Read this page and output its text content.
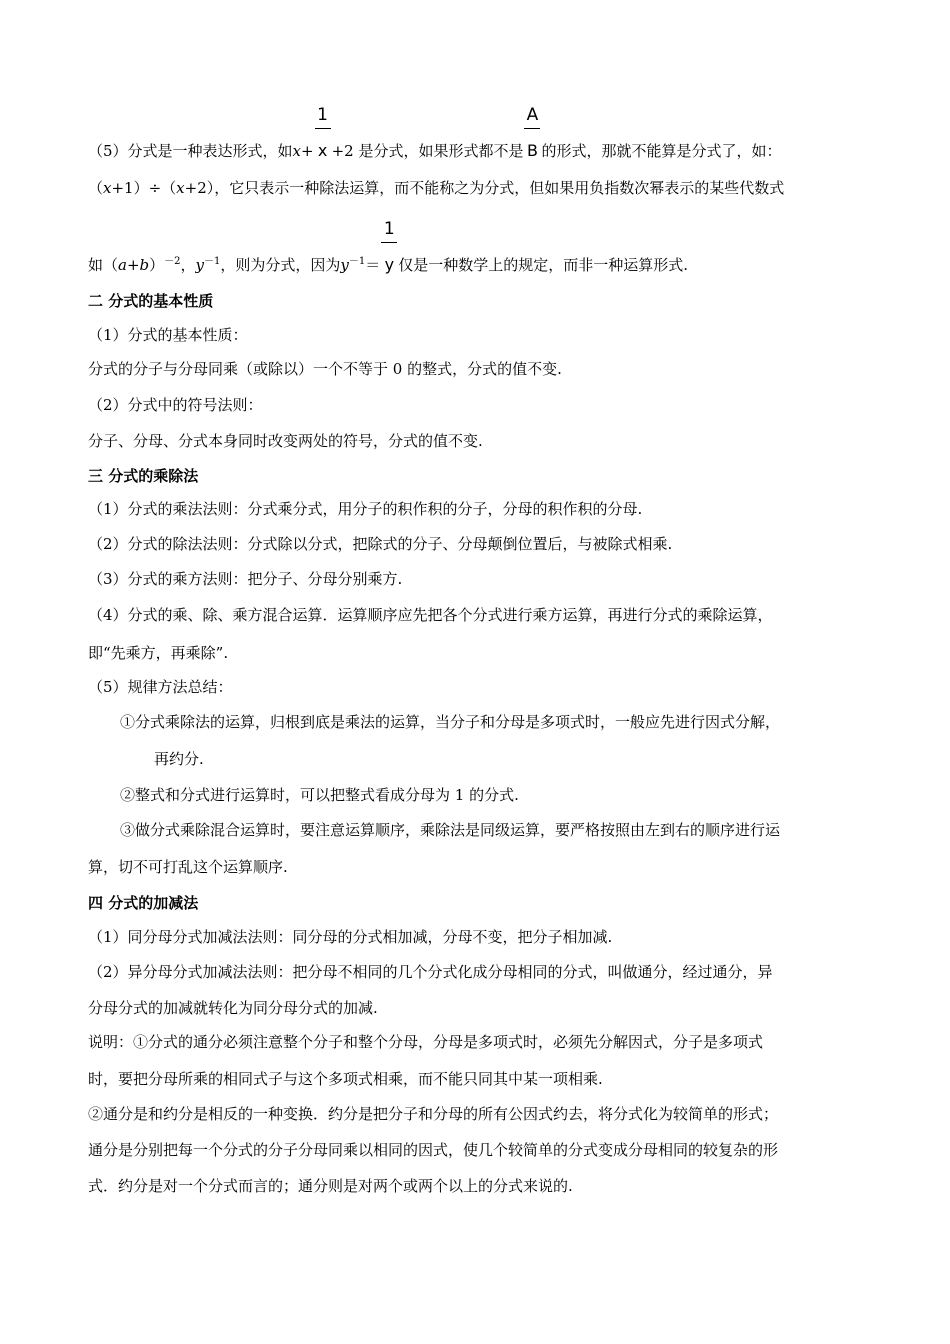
（5）分式是一种表达形式，如$x+ \frac{1}{x}+2$ 是分式，如果形式都不是 $\frac{A}{B}$的形式，那就不能算是分式了，如：
（x+1）÷（x+2），它只表示一种除法运算，而不能称之为分式，但如果用负指数次幂表示的某些代数式
如$(a+b)^{-2}$，$y^{-1}$，则为分式，因为$y^{-1}= \frac{1}{y}$仅是一种数学上的规定，而非一种运算形式.
二 分式的基本性质
（1）分式的基本性质：
分式的分子与分母同乘（或除以）一个不等于 0 的整式，分式的值不变.
（2）分式中的符号法则：
分子、分母、分式本身同时改变两处的符号，分式的值不变.
三 分式的乘除法
（1）分式的乘法法则：分式乘分式，用分子的积作积的分子，分母的积作积的分母.
（2）分式的除法法则：分式除以分式，把除式的分子、分母颠倒位置后，与被除式相乘.
（3）分式的乘方法则：把分子、分母分别乘方.
（4）分式的乘、除、乘方混合运算．运算顺序应先把各个分式进行乘方运算，再进行分式的乘除运算，
即“先乘方，再乘除”.
（5）规律方法总结：
①分式乘除法的运算，归根到底是乘法的运算，当分子和分母是多项式时，一般应先进行因式分解，
再约分.
②整式和分式进行运算时，可以把整式看成分母为 1 的分式.
③做分式乘除混合运算时，要注意运算顺序，乘除法是同级运算，要严格按照由左到右的顺序进行运
算，切不可打乱这个运算顺序.
四 分式的加减法
（1）同分母分式加减法法则：同分母的分式相加减，分母不变，把分子相加减.
（2）异分母分式加减法法则：把分母不相同的几个分式化成分母相同的分式，叫做通分，经过通分，异
分母分式的加减就转化为同分母分式的加减.
说明：①分式的通分必须注意整个分子和整个分母，分母是多项式时，必须先分解因式，分子是多项式
时，要把分母所乘的相同式子与这个多项式相乘，而不能只同其中某一项相乘.
②通分是和约分是相反的一种变换．约分是把分子和分母的所有公因式约去，将分式化为较简单的形式；
通分是分别把每一个分式的分子分母同乘以相同的因式，使几个较简单的分式变成分母相同的较复杂的形
式．约分是对一个分式而言的；通分则是对两个或两个以上的分式来说的.
